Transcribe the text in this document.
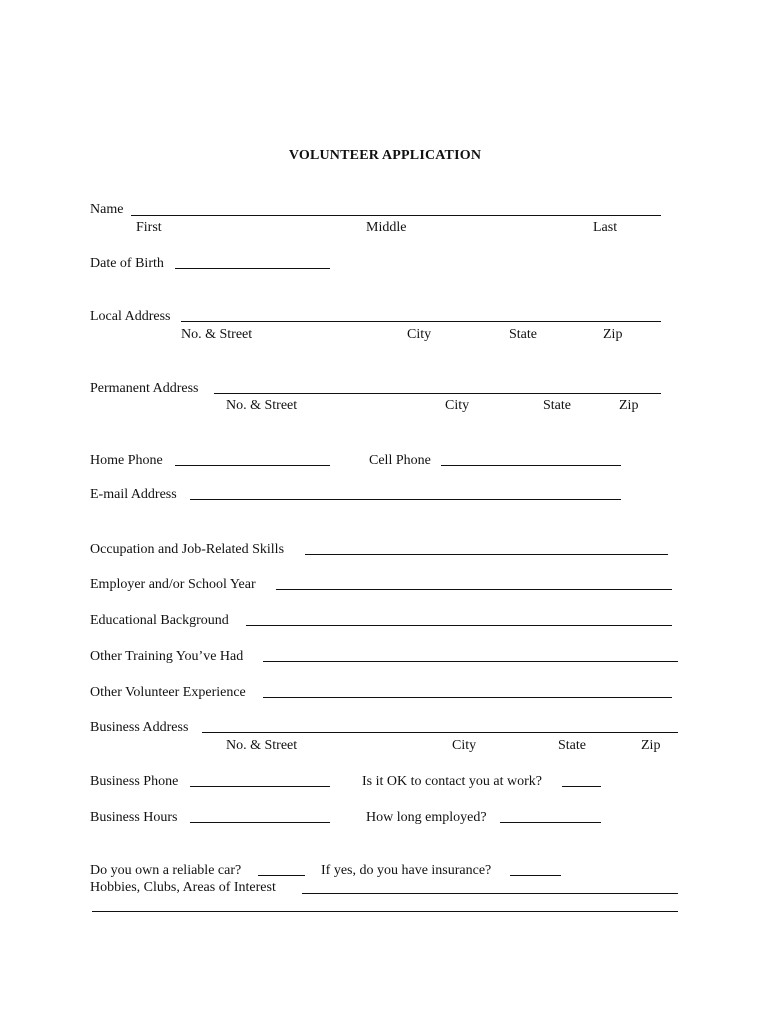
VOLUNTEER APPLICATION
Name
First	Middle	Last
Date of Birth
Local Address
No. & Street	City	State	Zip
Permanent Address
No. & Street	City	State	Zip
Home Phone	Cell Phone
E-mail Address
Occupation and Job-Related Skills
Employer and/or School Year
Educational Background
Other Training You’ve Had
Other Volunteer Experience
Business Address
No. & Street	City	State	Zip
Business Phone	Is it OK to contact you at work?
Business Hours	How long employed?
Do you own a reliable car?	If yes, do you have insurance?
Hobbies, Clubs, Areas of Interest
